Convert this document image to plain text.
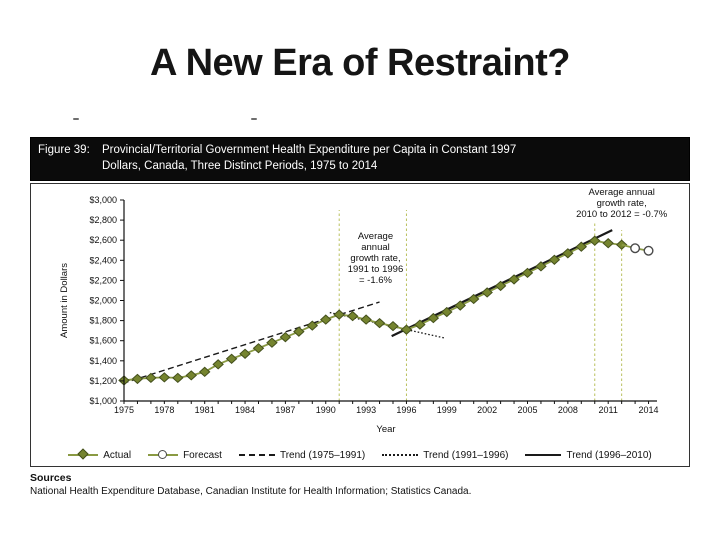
A New Era of Restraint?
Figure 39:	Provincial/Territorial Government Health Expenditure per Capita in Constant 1997
Dollars, Canada, Three Distinct Periods, 1975 to 2014
Average
annual
growth rate,
1991 to 1996
= -1.6%
Average annual
growth rate,
2010 to 2012 = -0.7%
$3,000
$2,800
$2,600
$2,400
$2,200
$2,000
$1,800
$1,600
$1,400
$1,200
$1,000
Amount in Dollars
1975 1978 1981 1984 1987 1990 1993 1996 1999 2002 2005 2008 2011 2014
Year
Actual	Forecast	Trend (1975–1991)	Trend (1991–1996)	Trend (1996–2010)
Sources
National Health Expenditure Database, Canadian Institute for Health Information; Statistics Canada.
